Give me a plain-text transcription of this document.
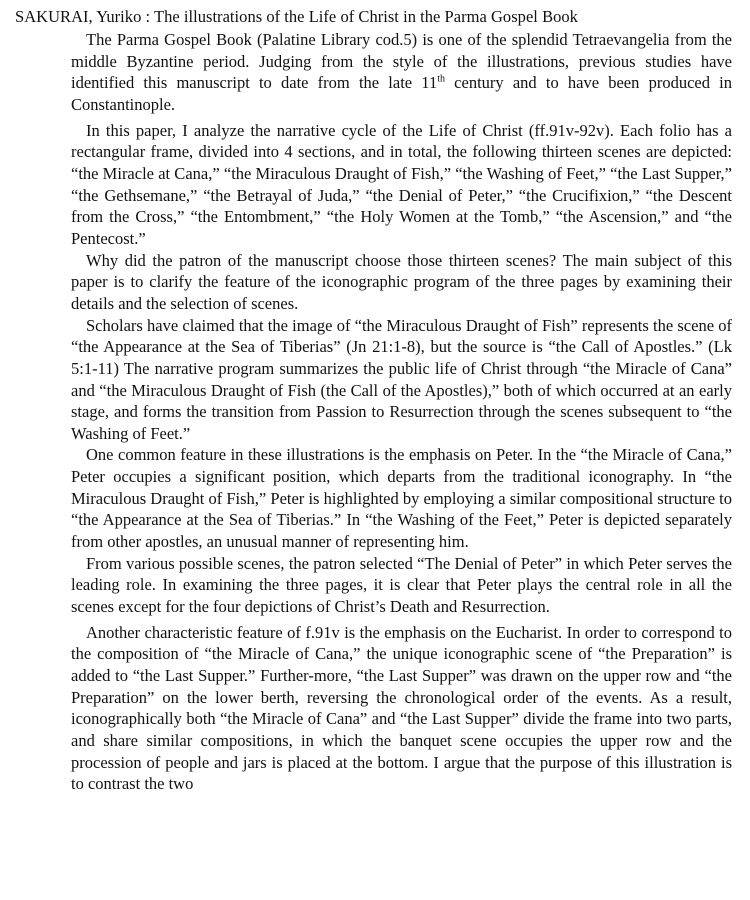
SAKURAI, Yuriko : The illustrations of the Life of Christ in the Parma Gospel Book

The Parma Gospel Book (Palatine Library cod.5) is one of the splendid Tetraevangelia from the middle Byzantine period. Judging from the style of the illustrations, previous studies have identified this manuscript to date from the late 11th century and to have been produced in Constantinople.

In this paper, I analyze the narrative cycle of the Life of Christ (ff.91v-92v). Each folio has a rectangular frame, divided into 4 sections, and in total, the following thirteen scenes are depicted: “the Miracle at Cana,” “the Miraculous Draught of Fish,” “the Washing of Feet,” “the Last Supper,” “the Gethsemane,” “the Betrayal of Juda,” “the Denial of Peter,” “the Crucifixion,” “the Descent from the Cross,” “the Entombment,” “the Holy Women at the Tomb,” “the Ascension,” and “the Pentecost.”

Why did the patron of the manuscript choose those thirteen scenes? The main subject of this paper is to clarify the feature of the iconographic program of the three pages by examining their details and the selection of scenes.

Scholars have claimed that the image of “the Miraculous Draught of Fish” represents the scene of “the Appearance at the Sea of Tiberias” (Jn 21:1-8), but the source is “the Call of Apostles.” (Lk 5:1-11) The narrative program summarizes the public life of Christ through “the Miracle of Cana” and “the Miraculous Draught of Fish (the Call of the Apostles),” both of which occurred at an early stage, and forms the transition from Passion to Resurrection through the scenes subsequent to “the Washing of Feet.”

One common feature in these illustrations is the emphasis on Peter. In the “the Miracle of Cana,” Peter occupies a significant position, which departs from the traditional iconography. In “the Miraculous Draught of Fish,” Peter is highlighted by employing a similar compositional structure to “the Appearance at the Sea of Tiberias.” In “the Washing of the Feet,” Peter is depicted separately from other apostles, an unusual manner of representing him.

From various possible scenes, the patron selected “The Denial of Peter” in which Peter serves the leading role. In examining the three pages, it is clear that Peter plays the central role in all the scenes except for the four depictions of Christ’s Death and Resurrection.

Another characteristic feature of f.91v is the emphasis on the Eucharist. In order to correspond to the composition of “the Miracle of Cana,” the unique iconographic scene of “the Preparation” is added to “the Last Supper.” Further-more, “the Last Supper” was drawn on the upper row and “the Preparation” on the lower berth, reversing the chronological order of the events. As a result, iconographically both “the Miracle of Cana” and “the Last Supper” divide the frame into two parts, and share similar compositions, in which the banquet scene occupies the upper row and the procession of people and jars is placed at the bottom. I argue that the purpose of this illustration is to contrast the two
